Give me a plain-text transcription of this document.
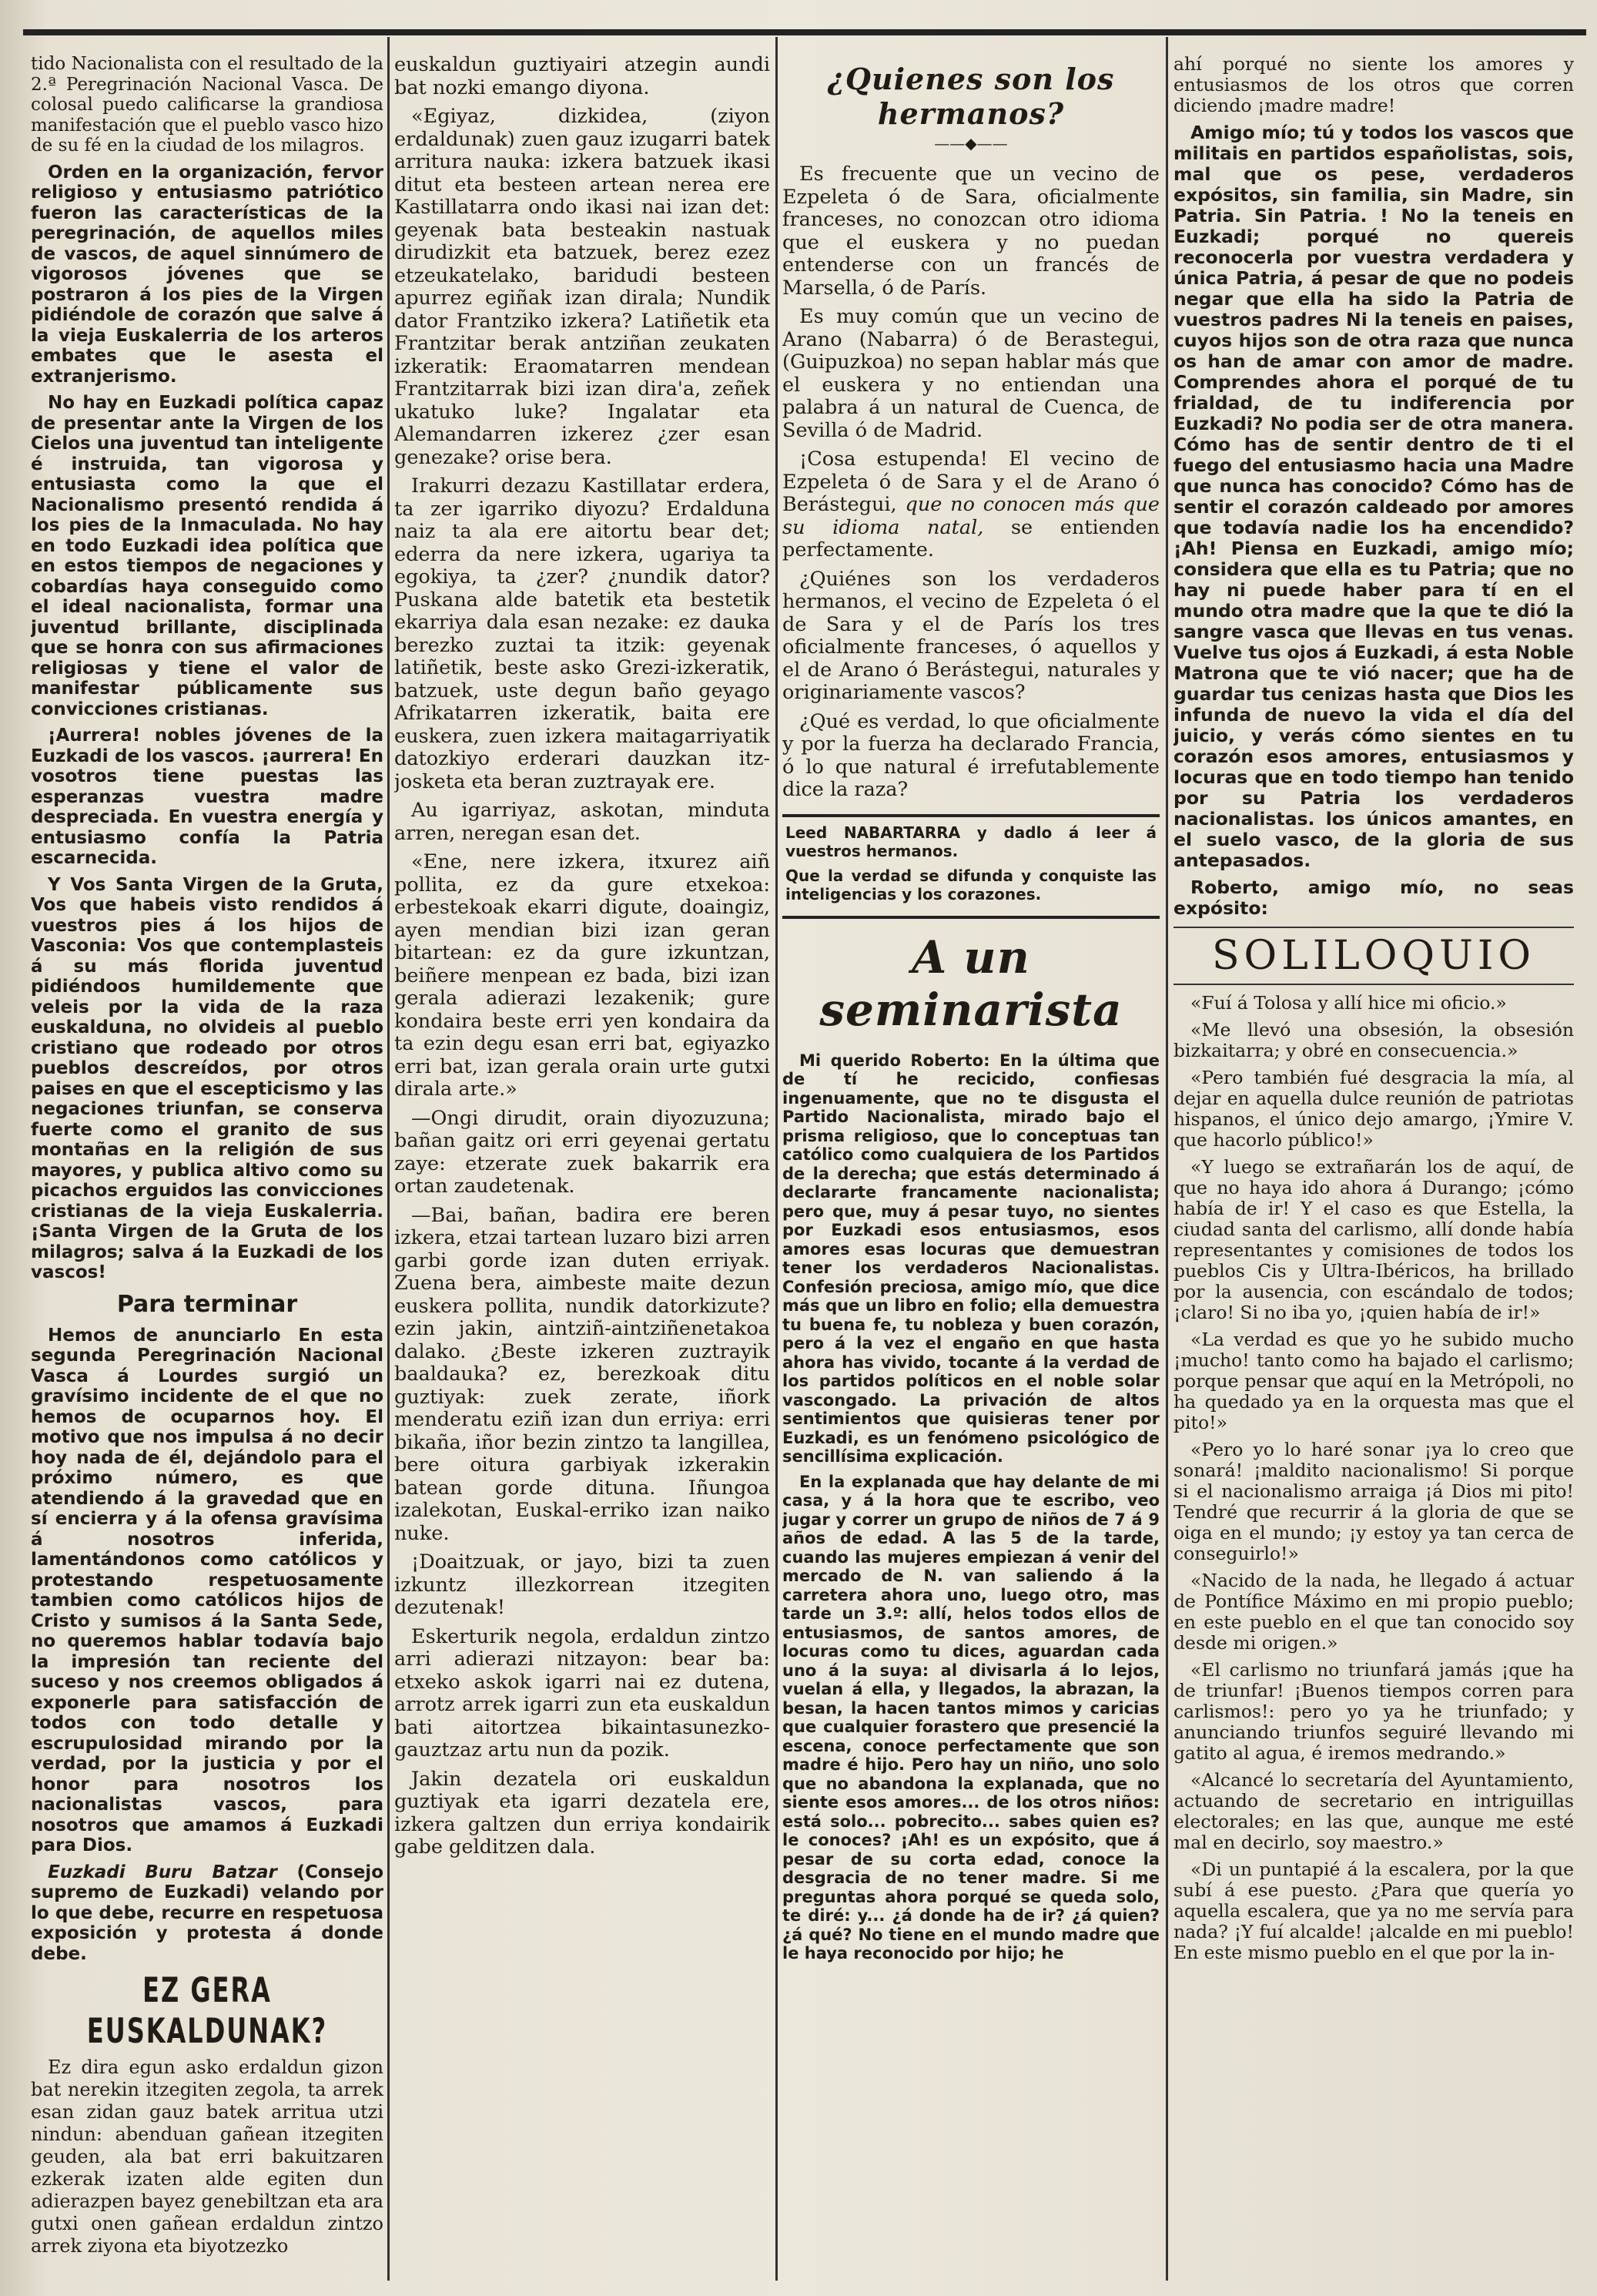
tido Nacionalista con el resultado de la 2.ª Peregrinación Nacional Vasca. De colosal puedo calificarse la grandiosa manifestación que el pueblo vasco hizo de su fé en la ciudad de los milagros.

Orden en la organización, fervor religioso y entusiasmo patriótico fueron las características de la peregrinación, de aquellos miles de vascos, de aquel sinnúmero de vigorosos jóvenes que se postraron á los pies de la Virgen pidiéndole de corazón que salve á la vieja Euskalerria de los arteros embates que le asesta el extranjerismo.

No hay en Euzkadi política capaz de presentar ante la Virgen de los Cielos una juventud tan inteligente é instruida, tan vigorosa y entusiasta como la que el Nacionalismo presentó rendida á los pies de la Inmaculada. No hay en todo Euzkadi idea política que en estos tiempos de negaciones y cobardías haya conseguido como el ideal nacionalista, formar una juventud brillante, disciplinada que se honra con sus afirmaciones religiosas y tiene el valor de manifestar públicamente sus convicciones cristianas.

¡Aurrera! nobles jóvenes de la Euzkadi de los vascos. ¡aurrera! En vosotros tiene puestas las esperanzas vuestra madre despreciada. En vuestra energía y entusiasmo confía la Patria escarnecida.

Y Vos Santa Virgen de la Gruta, Vos que habeis visto rendidos á vuestros pies á los hijos de Vasconia: Vos que contemplasteis á su más florida juventud pidiéndoos humildemente que veleis por la vida de la raza euskalduna, no olvideis al pueblo cristiano que rodeado por otros pueblos descreídos, por otros paises en que el escepticismo y las negaciones triunfan, se conserva fuerte como el granito de sus montañas en la religión de sus mayores, y publica altivo como su picachos erguidos las convicciones cristianas de la vieja Euskalerria. ¡Santa Virgen de la Gruta de los milagros; salva á la Euzkadi de los vascos!

Para terminar

Hemos de anunciarlo En esta segunda Peregrinación Nacional Vasca á Lourdes surgió un gravísimo incidente de el que no hemos de ocuparnos hoy. El motivo que nos impulsa á no decir hoy nada de él, dejándolo para el próximo número, es que atendiendo á la gravedad que en sí encierra y á la ofensa gravísima á nosotros inferida, lamentándonos como católicos y protestando respetuosamente tambien como católicos hijos de Cristo y sumisos á la Santa Sede, no queremos hablar todavía bajo la impresión tan reciente del suceso y nos creemos obligados á exponerle para satisfacción de todos con todo detalle y escrupulosidad mirando por la verdad, por la justicia y por el honor para nosotros los nacionalistas vascos, para nosotros que amamos á Euzkadi para Dios.

Euzkadi Buru Batzar (Consejo supremo de Euzkadi) velando por lo que debe, recurre en respetuosa exposición y protesta á donde debe.

EZ GERA EUSKALDUNAK?

Ez dira egun asko erdaldun gizon bat nerekin itzegiten zegola, ta arrek esan zidan gauz batek arritua utzi nindun: abenduan gañean itzegiten geuden, ala bat erri bakuitzaren ezkerak izaten alde egiten dun adierazpen bayez genebiltzan eta ara gutxi onen gañean erdaldun zintzo arrek ziyona eta biyotzezko

euskaldun guztiyairi atzegin aundi bat nozki emango diyona.

«Egiyaz, dizkidea, (ziyon erdaldunak) zuen gauz izugarri batek arritura nauka: izkera batzuek ikasi ditut eta besteen artean nerea ere Kastillatarra ondo ikasi nai izan det: geyenak bata besteakin nastuak dirudizkit eta batzuek, berez ezez etzeukatelako, baridudi besteen apurrez egiñak izan dirala; Nundik dator Frantziko izkera? Latiñetik eta Frantzitar berak antziñan zeukaten izkeratik: Eraomatarren mendean Frantzitarrak bizi izan dira'a, zeñek ukatuko luke? Ingalatar eta Alemandarren izkerez ¿zer esan genezake? orise bera.

Irakurri dezazu Kastillatar erdera, ta zer igarriko diyozu? Erdalduna naiz ta ala ere aitortu bear det; ederra da nere izkera, ugariya ta egokiya, ta ¿zer? ¿nundik dator? Puskana alde batetik eta bestetik ekarriya dala esan nezake: ez dauka berezko zuztai ta itzik: geyenak latiñetik, beste asko Grezi-izkeratik, batzuek, uste degun baño geyago Afrikatarren izkeratik, baita ere euskera, zuen izkera maitagarriyatik datozkiyo erderari dauzkan itz-josketa eta beran zuztrayak ere.

Au igarriyaz, askotan, minduta arren, neregan esan det.

«Ene, nere izkera, itxurez aiñ pollita, ez da gure etxekoa: erbestekoak ekarri digute, doaingiz, ayen mendian bizi izan geran bitartean: ez da gure izkuntzan, beiñere menpean ez bada, bizi izan gerala adierazi lezakenik; gure kondaira beste erri yen kondaira da ta ezin degu esan erri bat, egiyazko erri bat, izan gerala orain urte gutxi dirala arte.»

—Ongi dirudit, orain diyozuzuna; bañan gaitz ori erri geyenai gertatu zaye: etzerate zuek bakarrik era ortan zaudetenak.

—Bai, bañan, badira ere beren izkera, etzai tartean luzaro bizi arren garbi gorde izan duten erriyak. Zuena bera, aimbeste maite dezun euskera pollita, nundik datorkizute? ezin jakin, aintziñ-aintziñenetakoa dalako. ¿Beste izkeren zuztrayik baaldauka? ez, berezkoak ditu guztiyak: zuek zerate, iñork menderatu eziñ izan dun erriya: erri bikaña, iñor bezin zintzo ta langillea, bere oitura garbiyak izkerakin batean gorde dituna. Iñungoa izalekotan, Euskal-erriko izan naiko nuke.

¡Doaitzuak, or jayo, bizi ta zuen izkuntz illezkorrean itzegiten dezutenak!

Eskerturik negola, erdaldun zintzo arri adierazi nitzayon: bear ba: etxeko askok igarri nai ez dutena, arrotz arrek igarri zun eta euskaldun bati aitortzea bikaintasunezko-gauztzaz artu nun da pozik.

Jakin dezatela ori euskaldun guztiyak eta igarri dezatela ere, izkera galtzen dun erriya kondairik gabe gelditzen dala.

¿Quienes son los hermanos?
——◆——

Es frecuente que un vecino de Ezpeleta ó de Sara, oficialmente franceses, no conozcan otro idioma que el euskera y no puedan entenderse con un francés de Marsella, ó de París.

Es muy común que un vecino de Arano (Nabarra) ó de Berastegui, (Guipuzkoa) no sepan hablar más que el euskera y no entiendan una palabra á un natural de Cuenca, de Sevilla ó de Madrid.

¡Cosa estupenda! El vecino de Ezpeleta ó de Sara y el de Arano ó Berástegui, que no conocen más que su idioma natal, se entienden perfectamente.

¿Quiénes son los verdaderos hermanos, el vecino de Ezpeleta ó el de Sara y el de París los tres oficialmente franceses, ó aquellos y el de Arano ó Berástegui, naturales y originariamente vascos?

¿Qué es verdad, lo que oficialmente y por la fuerza ha declarado Francia, ó lo que natural é irrefutablemente dice la raza?

Leed NABARTARRA y dadlo á leer á vuestros hermanos.

Que la verdad se difunda y conquiste las inteligencias y los corazones.

A un seminarista

Mi querido Roberto: En la última que de tí he recicido, confiesas ingenuamente, que no te disgusta el Partido Nacionalista, mirado bajo el prisma religioso, que lo conceptuas tan católico como cualquiera de los Partidos de la derecha; que estás determinado á declararte francamente nacionalista; pero que, muy á pesar tuyo, no sientes por Euzkadi esos entusiasmos, esos amores esas locuras que demuestran tener los verdaderos Nacionalistas. Confesión preciosa, amigo mío, que dice más que un libro en folio; ella demuestra tu buena fe, tu nobleza y buen corazón, pero á la vez el engaño en que hasta ahora has vivido, tocante á la verdad de los partidos políticos en el noble solar vascongado. La privación de altos sentimientos que quisieras tener por Euzkadi, es un fenómeno psicológico de sencillísima explicación.

En la explanada que hay delante de mi casa, y á la hora que te escribo, veo jugar y correr un grupo de niños de 7 á 9 años de edad. A las 5 de la tarde, cuando las mujeres empiezan á venir del mercado de N. van saliendo á la carretera ahora uno, luego otro, mas tarde un 3.º: allí, helos todos ellos de entusiasmos, de santos amores, de locuras como tu dices, aguardan cada uno á la suya: al divisarla á lo lejos, vuelan á ella, y llegados, la abrazan, la besan, la hacen tantos mimos y caricias que cualquier forastero que presencié la escena, conoce perfectamente que son madre é hijo. Pero hay un niño, uno solo que no abandona la explanada, que no siente esos amores... de los otros niños: está solo... pobrecito... sabes quien es? le conoces? ¡Ah! es un expósito, que á pesar de su corta edad, conoce la desgracia de no tener madre. Si me preguntas ahora porqué se queda solo, te diré: y... ¿á donde ha de ir? ¿á quien? ¿á qué? No tiene en el mundo madre que le haya reconocido por hijo; he

ahí porqué no siente los amores y entusiasmos de los otros que corren diciendo ¡madre madre!

Amigo mío; tú y todos los vascos que militais en partidos españolistas, sois, mal que os pese, verdaderos expósitos, sin familia, sin Madre, sin Patria. Sin Patria. ! No la teneis en Euzkadi; porqué no quereis reconocerla por vuestra verdadera y única Patria, á pesar de que no podeis negar que ella ha sido la Patria de vuestros padres Ni la teneis en paises, cuyos hijos son de otra raza que nunca os han de amar con amor de madre. Comprendes ahora el porqué de tu frialdad, de tu indiferencia por Euzkadi? No podia ser de otra manera. Cómo has de sentir dentro de ti el fuego del entusiasmo hacia una Madre que nunca has conocido? Cómo has de sentir el corazón caldeado por amores que todavía nadie los ha encendido? ¡Ah! Piensa en Euzkadi, amigo mío; considera que ella es tu Patria; que no hay ni puede haber para tí en el mundo otra madre que la que te dió la sangre vasca que llevas en tus venas. Vuelve tus ojos á Euzkadi, á esta Noble Matrona que te vió nacer; que ha de guardar tus cenizas hasta que Dios les infunda de nuevo la vida el día del juicio, y verás cómo sientes en tu corazón esos amores, entusiasmos y locuras que en todo tiempo han tenido por su Patria los verdaderos nacionalistas. los únicos amantes, en el suelo vasco, de la gloria de sus antepasados.

Roberto, amigo mío, no seas expósito:

SOLILOQUIO

«Fuí á Tolosa y allí hice mi oficio.»

«Me llevó una obsesión, la obsesión bizkaitarra; y obré en consecuencia.»

«Pero también fué desgracia la mía, al dejar en aquella dulce reunión de patriotas hispanos, el único dejo amargo, ¡Ymire V. que hacorlo público!»

«Y luego se extrañarán los de aquí, de que no haya ido ahora á Durango; ¡cómo había de ir! Y el caso es que Estella, la ciudad santa del carlismo, allí donde había representantes y comisiones de todos los pueblos Cis y Ultra-Ibéricos, ha brillado por la ausencia, con escándalo de todos; ¡claro! Si no iba yo, ¡quien había de ir!»

«La verdad es que yo he subido mucho ¡mucho! tanto como ha bajado el carlismo; porque pensar que aquí en la Metrópoli, no ha quedado ya en la orquesta mas que el pito!»

«Pero yo lo haré sonar ¡ya lo creo que sonará! ¡maldito nacionalismo! Si porque si el nacionalismo arraiga ¡á Dios mi pito! Tendré que recurrir á la gloria de que se oiga en el mundo; ¡y estoy ya tan cerca de conseguirlo!»

«Nacido de la nada, he llegado á actuar de Pontífice Máximo en mi propio pueblo; en este pueblo en el que tan conocido soy desde mi origen.»

«El carlismo no triunfará jamás ¡que ha de triunfar! ¡Buenos tiempos corren para carlismos!: pero yo ya he triunfado; y anunciando triunfos seguiré llevando mi gatito al agua, é iremos medrando.»

«Alcancé lo secretaría del Ayuntamiento, actuando de secretario en intriguillas electorales; en las que, aunque me esté mal en decirlo, soy maestro.»

«Di un puntapié á la escalera, por la que subí á ese puesto. ¿Para que quería yo aquella escalera, que ya no me servía para nada? ¡Y fuí alcalde! ¡alcalde en mi pueblo! En este mismo pueblo en el que por la in-
